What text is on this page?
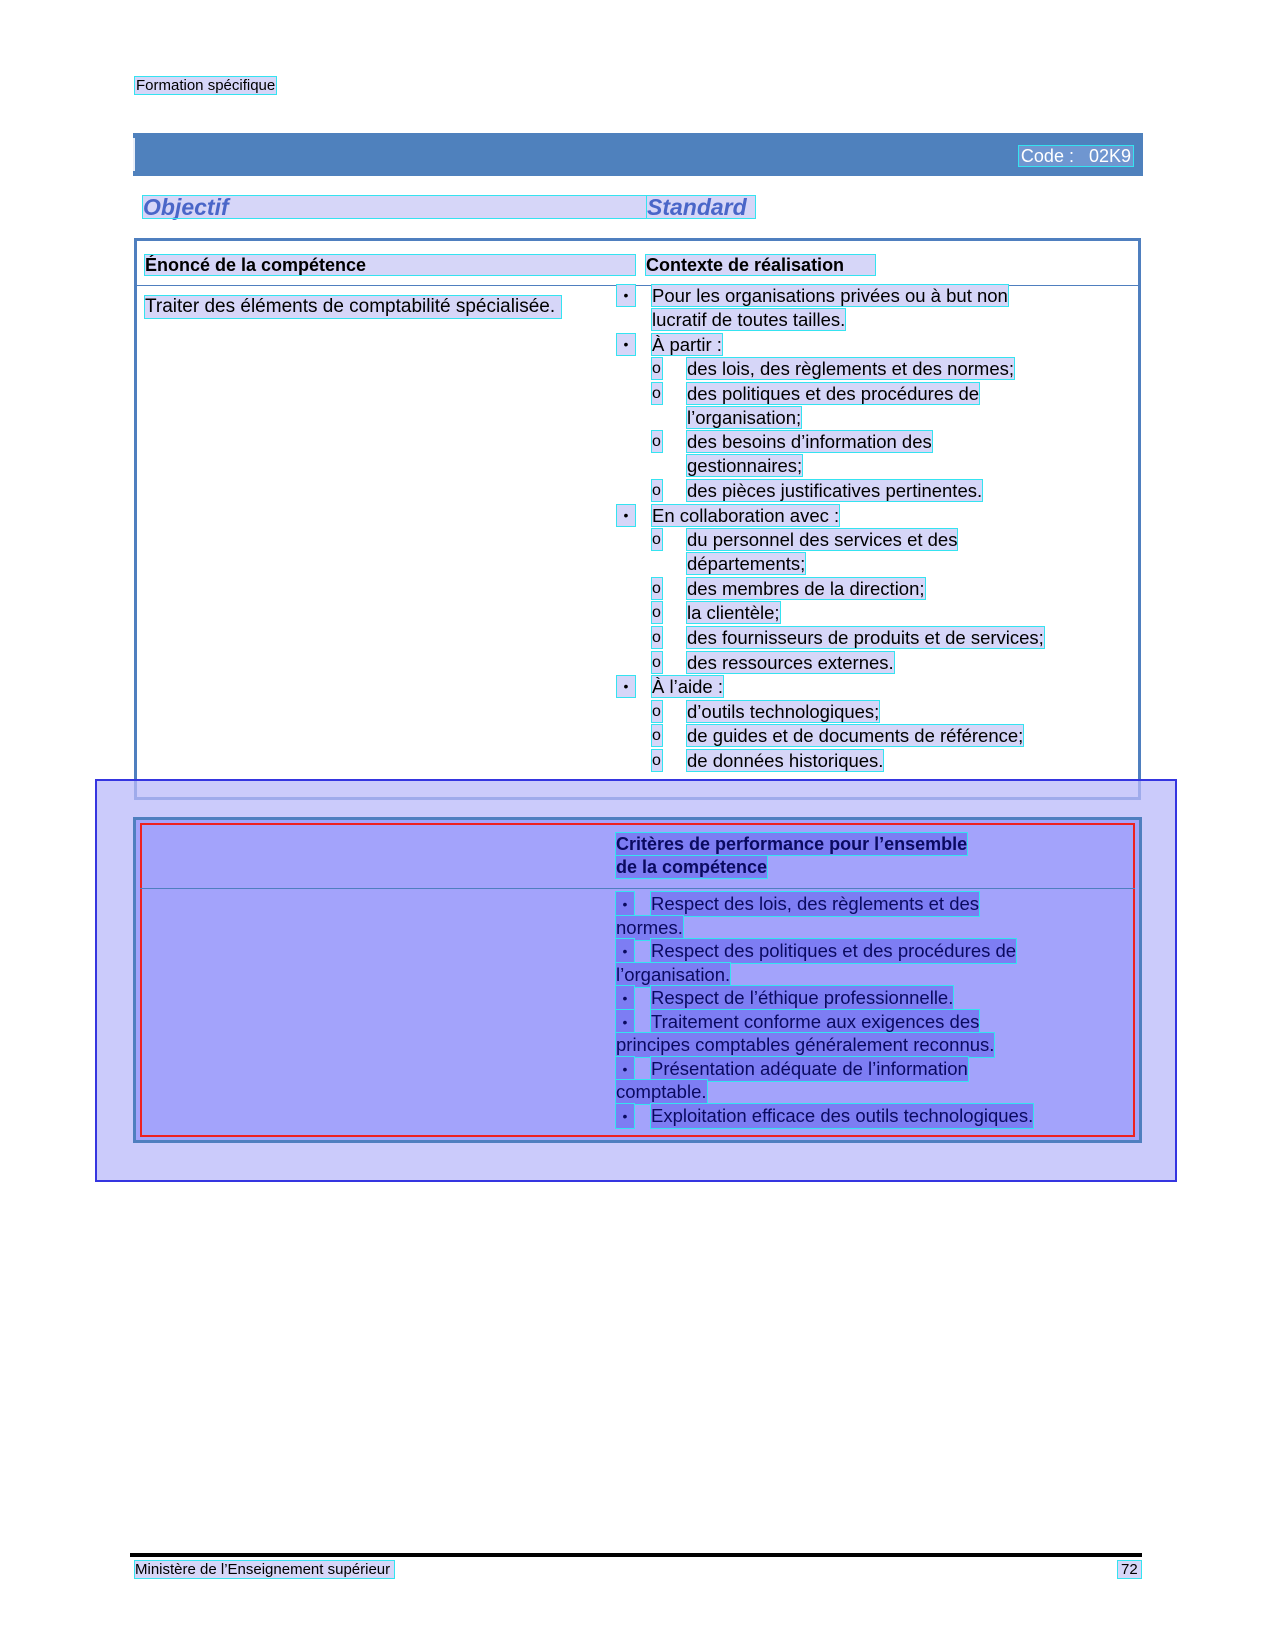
Formation spécifique
Code :   02K9
Objectif	Standard
Énoncé de la compétence	Contexte de réalisation
Traiter des éléments de comptabilité spécialisée.
•	Pour les organisations privées ou à but non
lucratif de toutes tailles.
•	À partir :
o des lois, des règlements et des normes;
o des politiques et des procédures de
l’organisation;
o des besoins d’information des
gestionnaires;
o des pièces justificatives pertinentes.
•	En collaboration avec :
o du personnel des services et des
départements;
o des membres de la direction;
o la clientèle;
o des fournisseurs de produits et de services;
o des ressources externes.
•	À l’aide :
o d’outils technologiques;
o de guides et de documents de référence;
o de données historiques.
Critères de performance pour l’ensemble
de la compétence
•	Respect des lois, des règlements et des
normes.
•	Respect des politiques et des procédures de
l’organisation.
•	Respect de l’éthique professionnelle.
•	Traitement conforme aux exigences des
principes comptables généralement reconnus.
•	Présentation adéquate de l’information
comptable.
•	Exploitation efficace des outils technologiques.
Ministère de l’Enseignement supérieur	72
